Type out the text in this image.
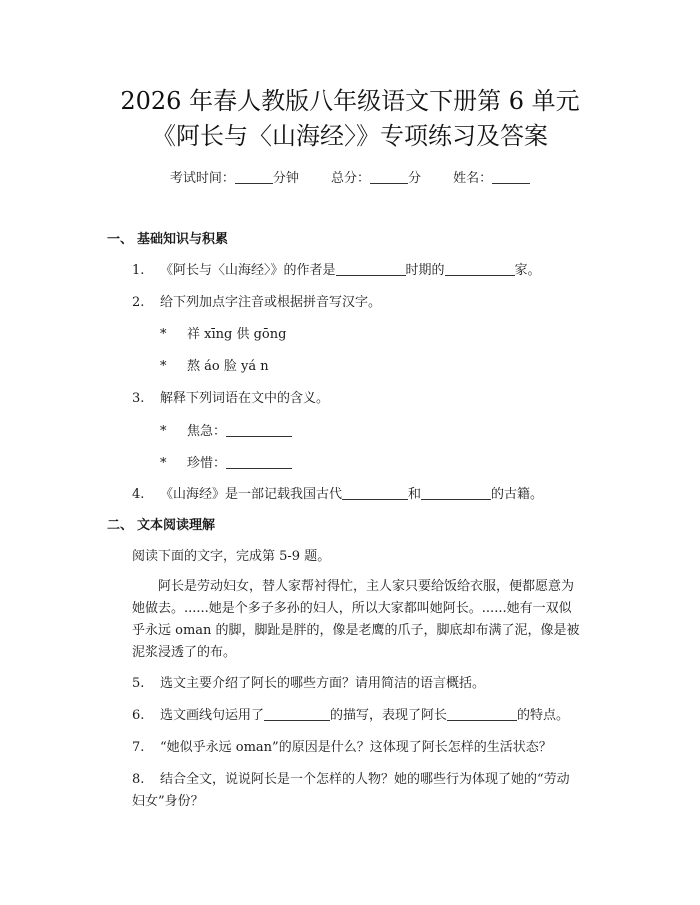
2026 年春人教版八年级语文下册第 6 单元
《阿长与〈山海经〉》专项练习及答案
考试时间：	分钟 总分：	分 姓名：
一、 基础知识与积累
1. 《阿长与〈山海经〉》的作者是	时期的	家。
2. 给下列加点字注音或根据拼音写汉字。
* 祥 xīng 供 gōng
* 熬 áo 脸 yá n
3. 解释下列词语在文中的含义。
* 焦急：
* 珍惜：
4. 《山海经》是一部记载我国古代	和	的古籍。
二、 文本阅读理解
阅读下面的文字，完成第 5-9 题。
阿长是劳动妇女，替人家帮衬得忙，主人家只要给饭给衣服，便都愿意为她做去。......她是个多子多孙的妇人，所以大家都叫她阿长。......她有一双似乎永远 oman 的脚，脚趾是胖的，像是老鹰的爪子，脚底却布满了泥，像是被泥浆浸透了的布。
5. 选文主要介绍了阿长的哪些方面？请用简洁的语言概括。
6. 选文画线句运用了	的描写，表现了阿长	的特点。
7. “她似乎永远 oman”的原因是什么？这体现了阿长怎样的生活状态？
8. 结合全文，说说阿长是一个怎样的人物？她的哪些行为体现了她的“劳动
妇女”身份？
